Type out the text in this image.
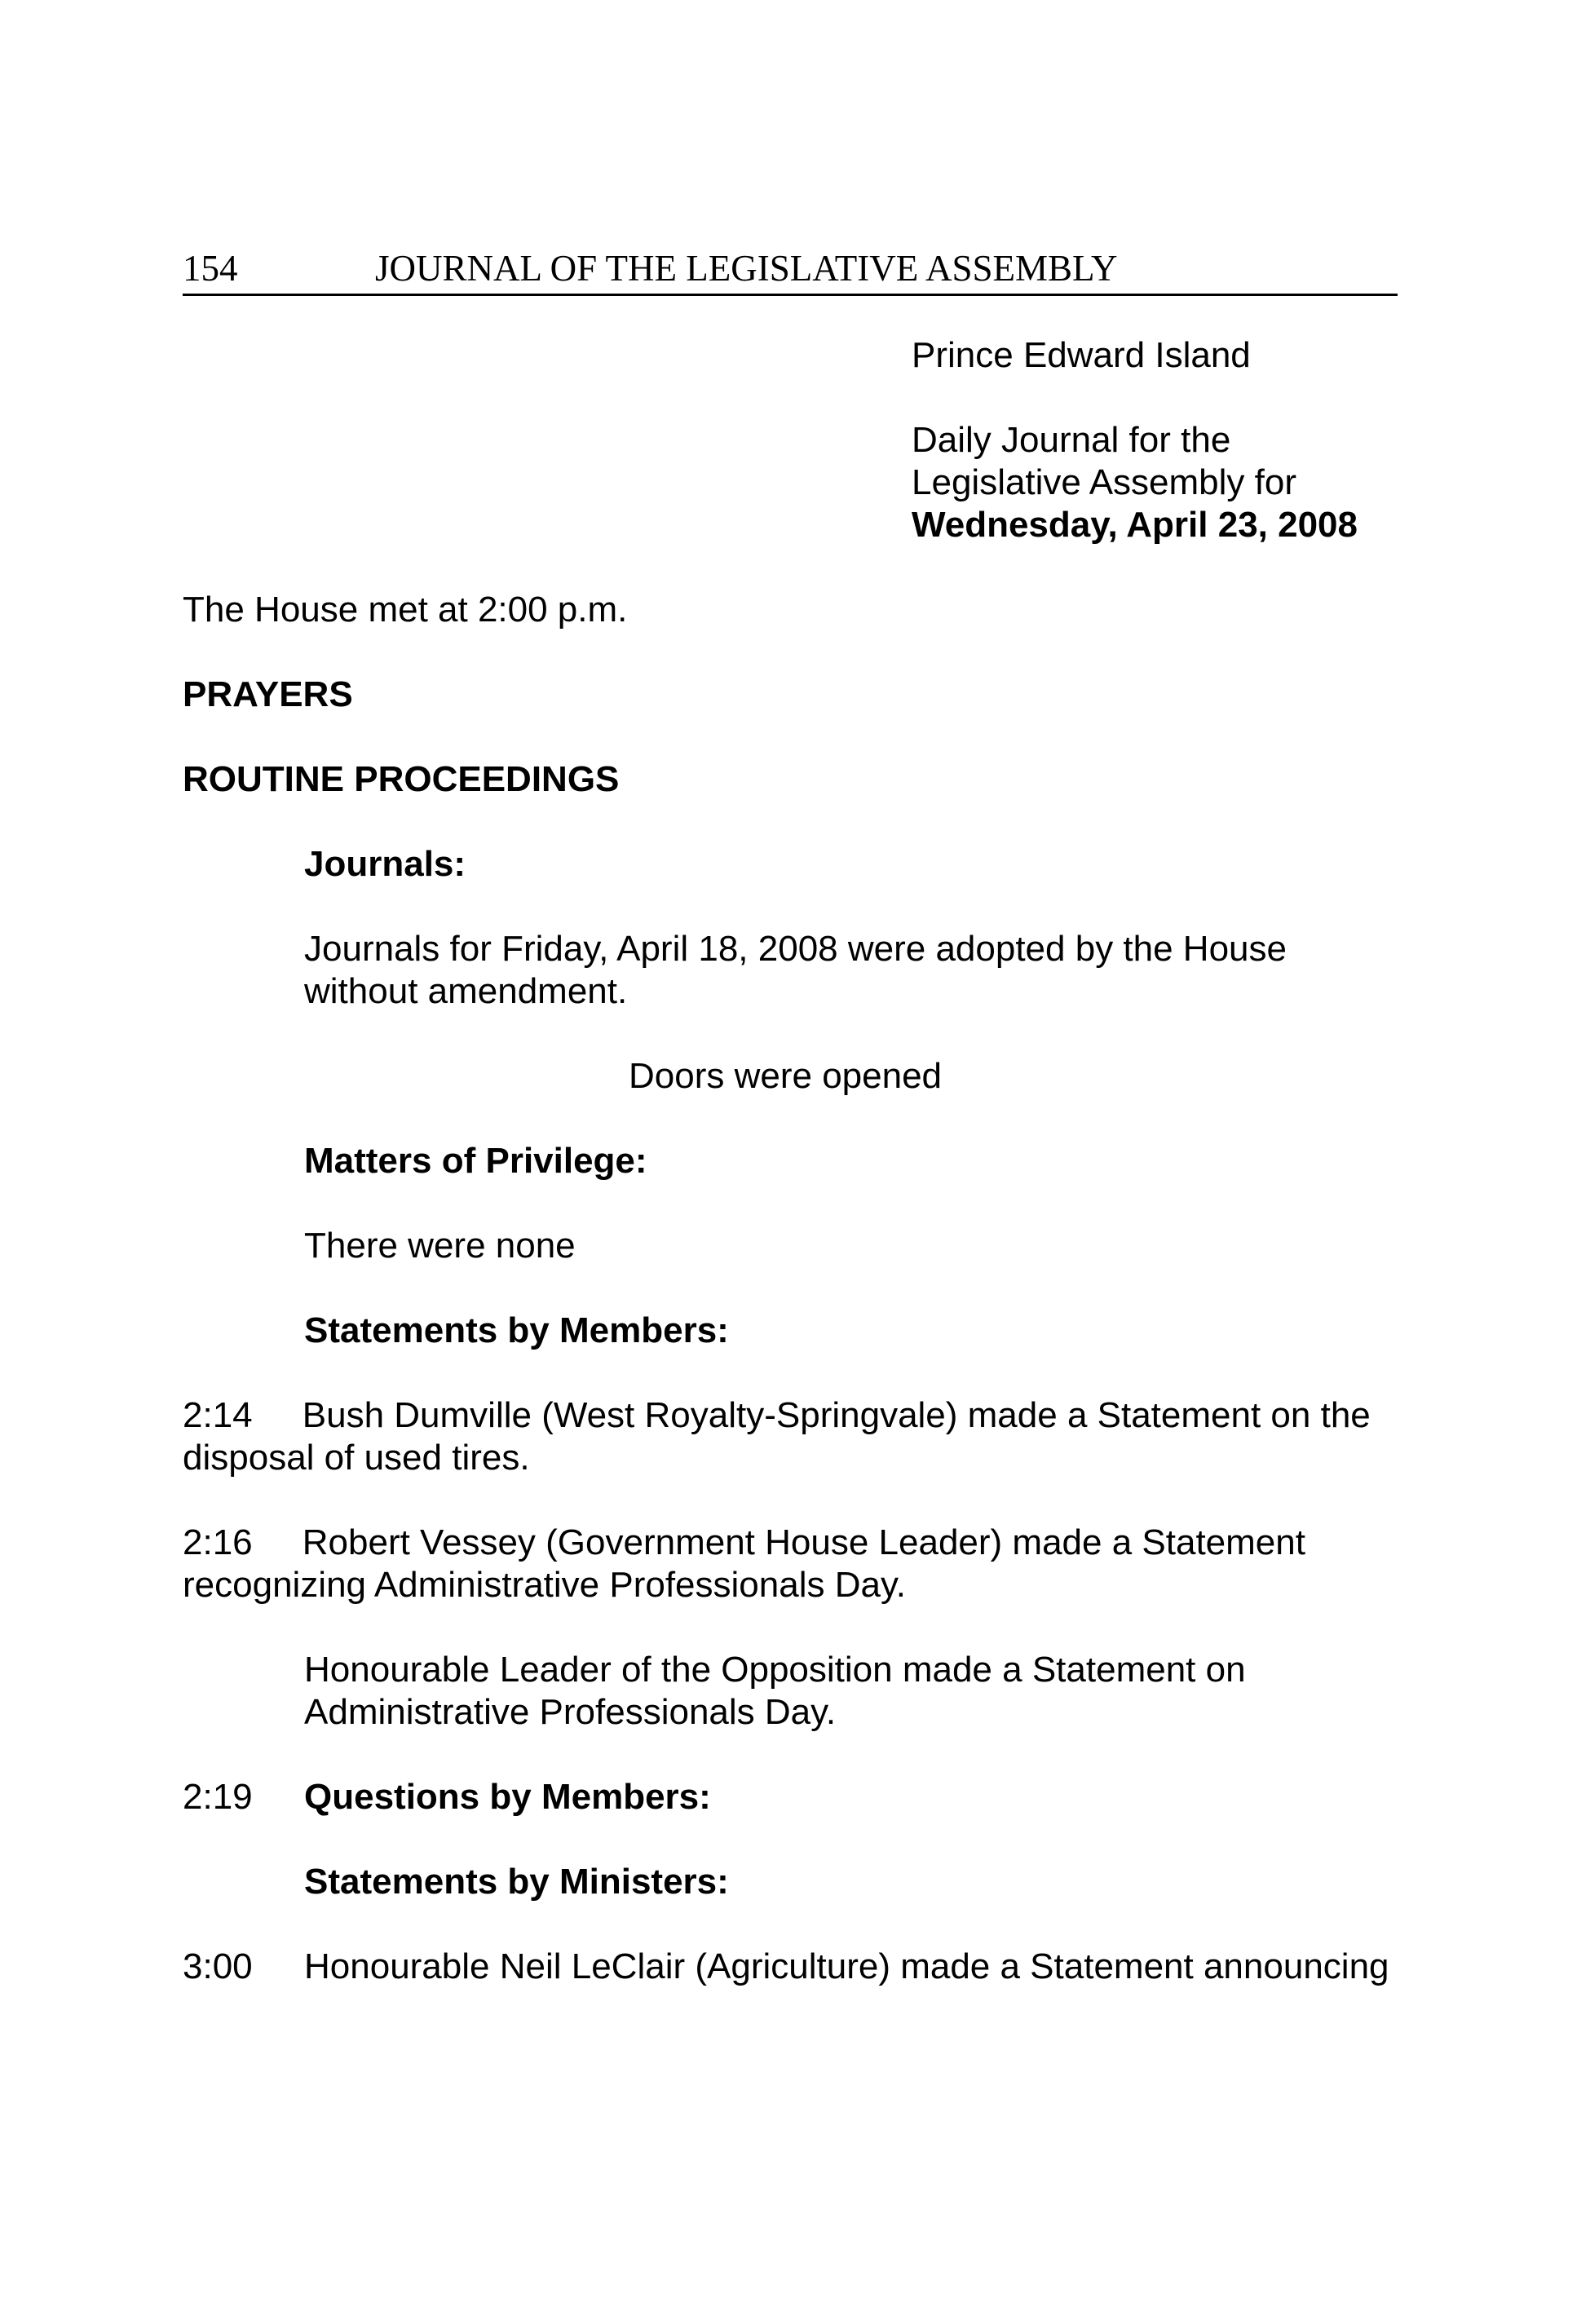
154	JOURNAL OF THE LEGISLATIVE ASSEMBLY
Prince Edward Island
Daily Journal for the
Legislative Assembly for
Wednesday, April 23, 2008
The House met at 2:00 p.m.
PRAYERS
ROUTINE PROCEEDINGS
Journals:
Journals for Friday, April 18, 2008 were adopted by the House
without amendment.
Doors were opened
Matters of Privilege:
There were none
Statements by Members:
2:14 Bush Dumville (West Royalty-Springvale) made a Statement on the
disposal of used tires.
2:16 Robert Vessey (Government House Leader) made a Statement
recognizing Administrative Professionals Day.
Honourable Leader of the Opposition made a Statement on
Administrative Professionals Day.
2:19 Questions by Members:
Statements by Ministers:
3:00 Honourable Neil LeClair (Agriculture) made a Statement announcing
